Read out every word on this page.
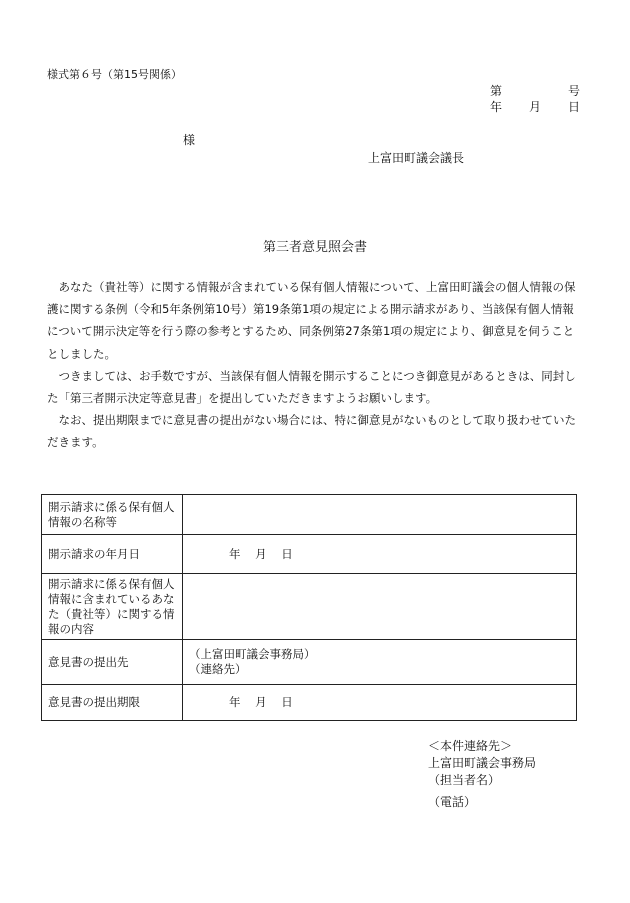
様式第６号（第15号関係）
第	号
年 月 日
様
上富田町議会議長
第三者意見照会書

あなた（貴社等）に関する情報が含まれている保有個人情報について、上富田町議会の個人情報の保護に関する条例（令和5年条例第10号）第19条第1項の規定による開示請求があり、当該保有個人情報について開示決定等を行う際の参考とするため、同条例第27条第1項の規定により、御意見を伺うこととしました。

つきましては、お手数ですが、当該保有個人情報を開示することにつき御意見があるときは、同封した「第三者開示決定等意見書」を提出していただきますようお願いします。

なお、提出期限までに意見書の提出がない場合には、特に御意見がないものとして取り扱わせていただきます。

開示請求に係る保有個人情報の名称等	
開示請求の年月日	年 月 日
開示請求に係る保有個人情報に含まれているあなた（貴社等）に関する情報の内容	
意見書の提出先	（上富田町議会事務局）
（連絡先）

意見書の提出期限	年 月 日
＜本件連絡先＞
上富田町議会事務局
（担当者名）
（電話）
